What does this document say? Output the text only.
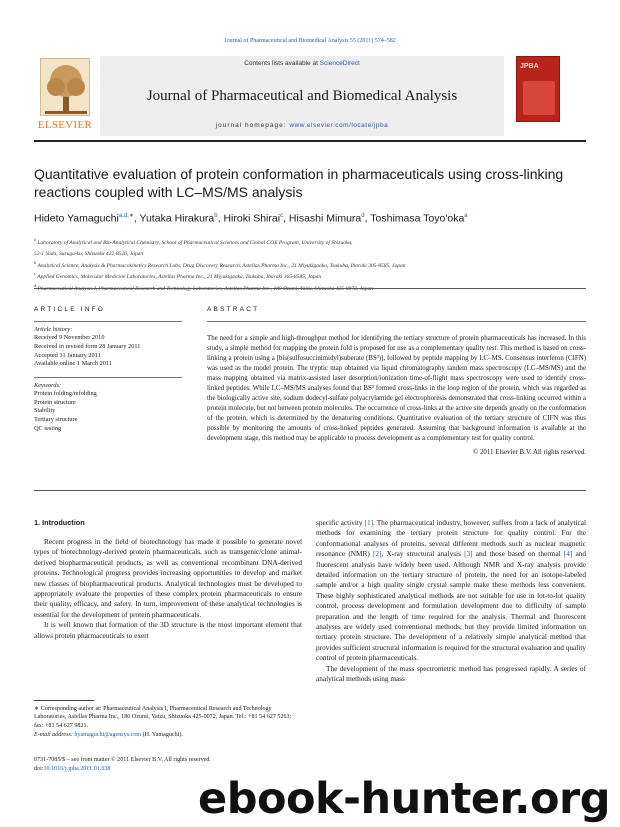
Journal of Pharmaceutical and Biomedical Analysis 55 (2011) 574–582
ELSEVIER
Contents lists available at ScienceDirect
Journal of Pharmaceutical and Biomedical Analysis
journal homepage: www.elsevier.com/locate/jpba
JPBA
Quantitative evaluation of protein conformation in pharmaceuticals using cross-linking reactions coupled with LC–MS/MS analysis
Hideto Yamaguchi$^{a,d,∗}$, Yutaka Hirakura$^b$, Hiroki Shirai$^c$, Hisashi Mimura$^d$, Toshimasa Toyo'oka$^a$
$^a$ Laboratory of Analytical and Bio-Analytical Chemistry, School of Pharmaceutical Sciences and Global COE Program, University of Shizuoka,
52-1 Yada, Suruga-ku, Shizuoka 422-8526, Japan
$^b$ Analytical Science, Analysis & Pharmacokinetics Research Labs, Drug Discovery Research, Astellas Pharma Inc., 21 Miyukigaoka, Tsukuba, Ibaraki 305-8585, Japan
$^c$ Applied Genomics, Molecular Medicine Laboratories, Astellas Pharma Inc., 21 Miyukigaoka, Tsukuba, Ibaraki 305-8585, Japan
$^d$
ARTICLE INFO
Article history:
Received 9 November 2010
Received in revised form 28 January 2011
Accepted 31 January 2011
Available online 1 March 2011
Keywords:
Protein folding/refolding
Protein structure
Stability
Tertiary structure
QC testing
ABSTRACT
The need for a simple and high-throughput method for identifying the tertiary structure of protein pharmaceuticals has increased. In this study, a simple method for mapping the protein fold is proposed for use as a complementary quality test. This method is based on cross-linking a protein using a [bis(sulfosuccinimidyl)suberate (BS³)], followed by peptide mapping by LC–MS. Consensus interferon (CIFN) was used as the model protein. The tryptic map obtained via liquid chromatography tandem mass spectroscopy (LC–MS/MS) and the mass mapping obtained via matrix-assisted laser desorption/ionization time-of-flight mass spectroscopy were used to identify cross-linked peptides. While LC–MS/MS analyses found that BS³ formed cross-links in the loop region of the protein, which was regarded as the biologically active site, sodium dodecyl-sulfate polyacrylamide gel electrophoresis demonstrated that cross-linking occurred within a protein molecule, but not between protein molecules. The occurrence of cross-links at the active site depends greatly on the conformation of the protein, which is determined by the denaturing conditions. Quantitative evaluation of the tertiary structure of CIFN was thus possible by monitoring the amounts of cross-linked peptides generated. Assuming that background information is available at the development stage, this method may be applicable to process development as a complementary test for quality control.
© 2011 Elsevier B.V. All rights reserved.
1. Introduction

Recent progress in the field of biotechnology has made it possible to generate novel types of biotechnology-derived protein pharmaceuticals, such as transgenic/clone animal-derived biopharmaceutical products, as well as conventional recombinant DNA-derived proteins. Technological progress provides increasing opportunities to develop and market new classes of biopharmaceutical products. Analytical technologies must be developed to appropriately evaluate the properties of these complex protein pharmaceuticals to ensure their quality, efficacy, and safety. In turn, improvement of these analytical technologies is essential for the development of protein pharmaceuticals.

It is well known that formation of the 3D structure is the most important element that allows protein pharmaceuticals to exert

specific activity [1]. The pharmaceutical industry, however, suffers from a lack of analytical methods for examining the tertiary protein structure for quality control. For the conformational analyses of proteins, several different methods such as nuclear magnetic resonance (NMR) [2], X-ray structural analysis [3] and those based on thermal [4] and fluorescent analysis have widely been used. Although NMR and X-ray analysis provide detailed information on the tertiary structure of protein, the need for an isotope-labeled sample and/or a high quality single crystal sample make these methods less convenient. These highly sophisticated analytical methods are not suitable for use in lot-to-lot quality control, process development and formulation development due to difficulty of sample preparation and the length of time required for the analysis. Thermal and fluorescent analyses are widely used conventional methods, but they provide limited information on tertiary protein structure. The development of a relatively simple analytical method that provides sufficient structural information is required for the structural evaluation and quality control of protein pharmaceuticals.

The development of the mass spectrometric method has progressed rapidly. A series of analytical methods using mass

∗ Corresponding author at: Pharmaceutical Analysis I, Pharmaceutical Research and Technology Laboratories, Astellas Pharma Inc., 180 Ozumi, Yaizu, Shizuoka 425-0072, Japan. Tel.: +81 54 627 5263; fax: +81 54 627 9821.
E-mail address: hyamaguchi@agensys.com (H. Yamaguchi).
0731-7085/$ – see front matter © 2011 Elsevier B.V. All rights reserved.
doi:10.1016/j.jpba.2011.01.038
ebook-hunter.org
